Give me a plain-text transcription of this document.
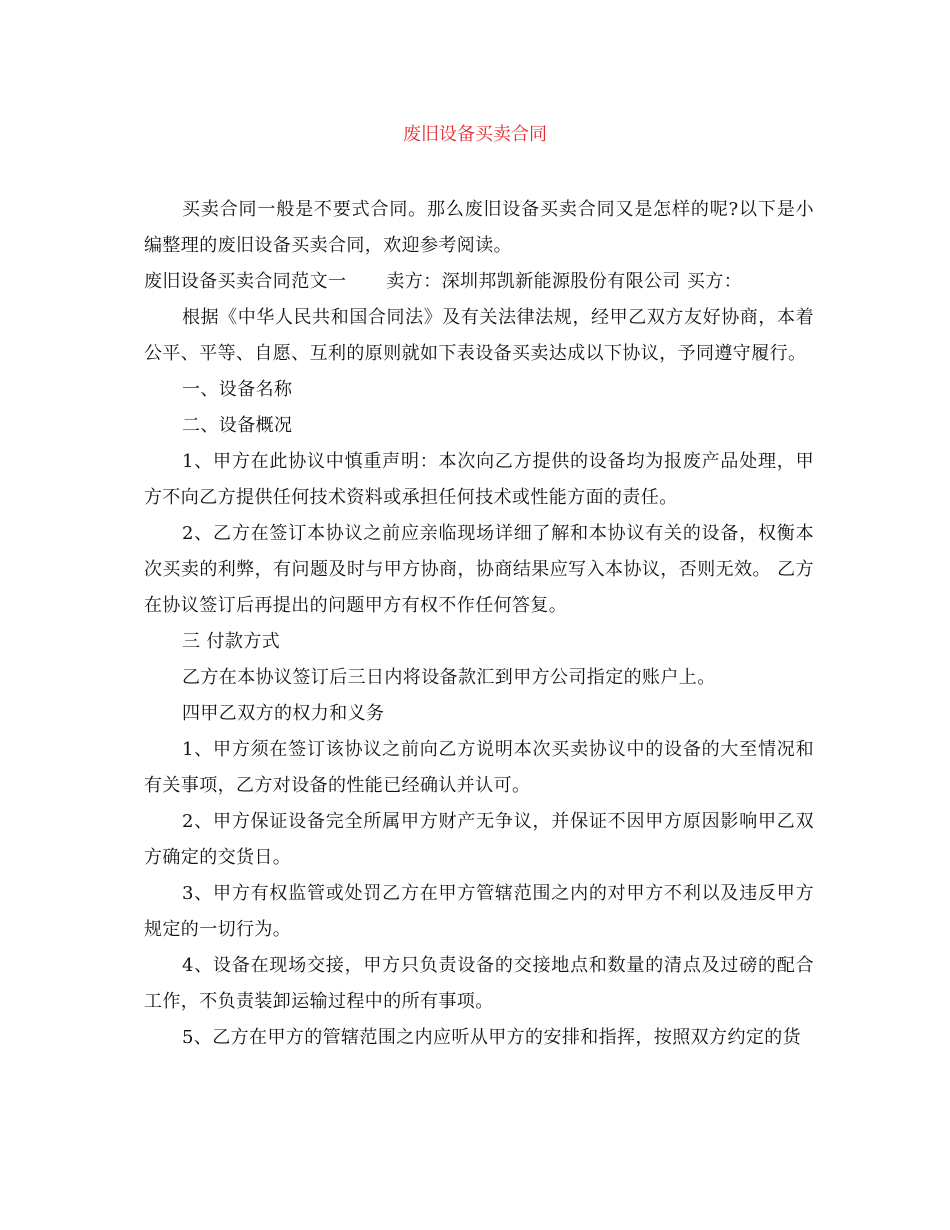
废旧设备买卖合同

买卖合同一般是不要式合同。那么废旧设备买卖合同又是怎样的呢?以下是小编整理的废旧设备买卖合同，欢迎参考阅读。

废旧设备买卖合同范文一 卖方：深圳邦凯新能源股份有限公司 买方：

根据《中华人民共和国合同法》及有关法律法规，经甲乙双方友好协商，本着公平、平等、自愿、互利的原则就如下表设备买卖达成以下协议，予同遵守履行。

一、设备名称

二、设备概况

1、甲方在此协议中慎重声明：本次向乙方提供的设备均为报废产品处理，甲方不向乙方提供任何技术资料或承担任何技术或性能方面的责任。

2、乙方在签订本协议之前应亲临现场详细了解和本协议有关的设备，权衡本次买卖的利弊，有问题及时与甲方协商，协商结果应写入本协议，否则无效。 乙方在协议签订后再提出的问题甲方有权不作任何答复。

三 付款方式

乙方在本协议签订后三日内将设备款汇到甲方公司指定的账户上。

四甲乙双方的权力和义务

1、甲方须在签订该协议之前向乙方说明本次买卖协议中的设备的大至情况和有关事项，乙方对设备的性能已经确认并认可。

2、甲方保证设备完全所属甲方财产无争议，并保证不因甲方原因影响甲乙双方确定的交货日。

3、甲方有权监管或处罚乙方在甲方管辖范围之内的对甲方不利以及违反甲方规定的一切行为。

4、设备在现场交接，甲方只负责设备的交接地点和数量的清点及过磅的配合工作，不负责装卸运输过程中的所有事项。

5、乙方在甲方的管辖范围之内应听从甲方的安排和指挥，按照双方约定的货
